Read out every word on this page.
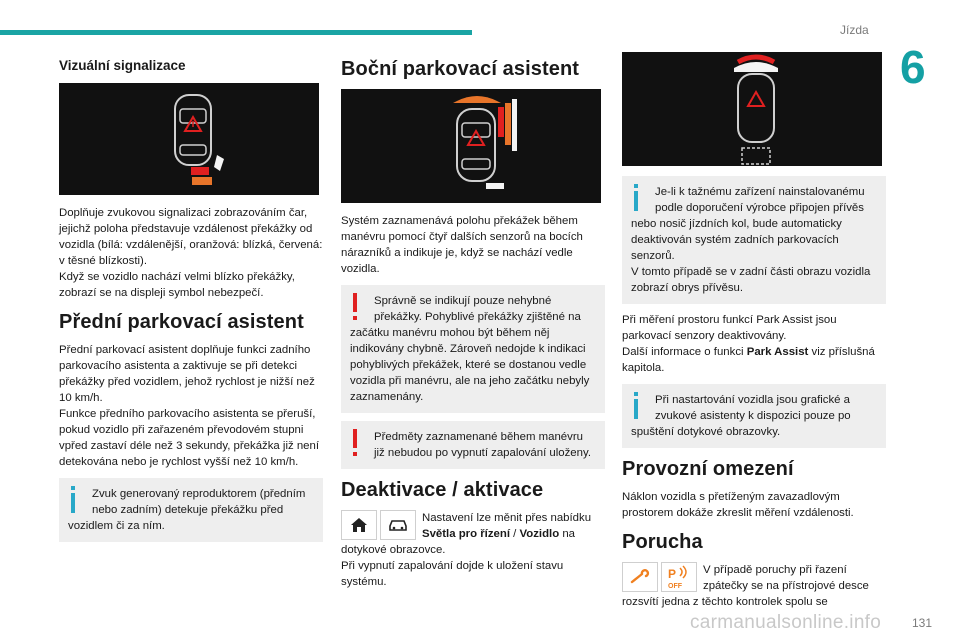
Jízda
6
Vizuální signalizace

Doplňuje zvukovou signalizaci zobrazováním čar, jejichž poloha představuje vzdálenost překážky od vozidla (bílá: vzdálenější, oranžová: blízká, červená: v těsné blízkosti).
Když se vozidlo nachází velmi blízko překážky, zobrazí se na displeji symbol nebezpečí.

Přední parkovací asistent

Přední parkovací asistent doplňuje funkci zadního parkovacího asistenta a zaktivuje se při detekci překážky před vozidlem, jehož rychlost je nižší než 10 km/h.
Funkce předního parkovacího asistenta se přeruší, pokud vozidlo při zařazeném převodovém stupni vpřed zastaví déle než 3 sekundy, překážka již není detekována nebo je rychlost vyšší než 10 km/h.

Zvuk generovaný reproduktorem (předním nebo zadním) detekuje překážku před vozidlem či za ním.
Boční parkovací asistent

Systém zaznamenává polohu překážek během manévru pomocí čtyř dalších senzorů na bocích nárazníků a indikuje je, když se nachází vedle vozidla.

Správně se indikují pouze nehybné překážky. Pohyblivé překážky zjištěné na začátku manévru mohou být během něj indikovány chybně. Zároveň nedojde k indikaci pohyblivých překážek, které se dostanou vedle vozidla při manévru, ale na jeho začátku nebyly zaznamenány.
Předměty zaznamenané během manévru již nebudou po vypnutí zapalování uloženy.
Deaktivace / aktivace
Nastavení lze měnit přes nabídku Světla pro řízení / Vozidlo na dotykové obrazovce.
Při vypnutí zapalování dojde k uložení stavu systému.
Je-li k tažnému zařízení nainstalovanému podle doporučení výrobce připojen přívěs nebo nosič jízdních kol, bude automaticky deaktivován systém zadních parkovacích senzorů.
V tomto případě se v zadní části obrazu vozidla zobrazí obrys přívěsu.
Při měření prostoru funkcí Park Assist jsou parkovací senzory deaktivovány.
Další informace o funkci Park Assist viz příslušná kapitola.
Při nastartování vozidla jsou grafické a zvukové asistenty k dispozici pouze po spuštění dotykové obrazovky.
Provozní omezení

Náklon vozidla s přetíženým zavazadlovým prostorem dokáže zkreslit měření vzdálenosti.

Porucha
P
OFF
V případě poruchy při řazení zpátečky se na přístrojové desce rozsvítí jedna z těchto kontrolek spolu se
carmanualsonline.info	131
